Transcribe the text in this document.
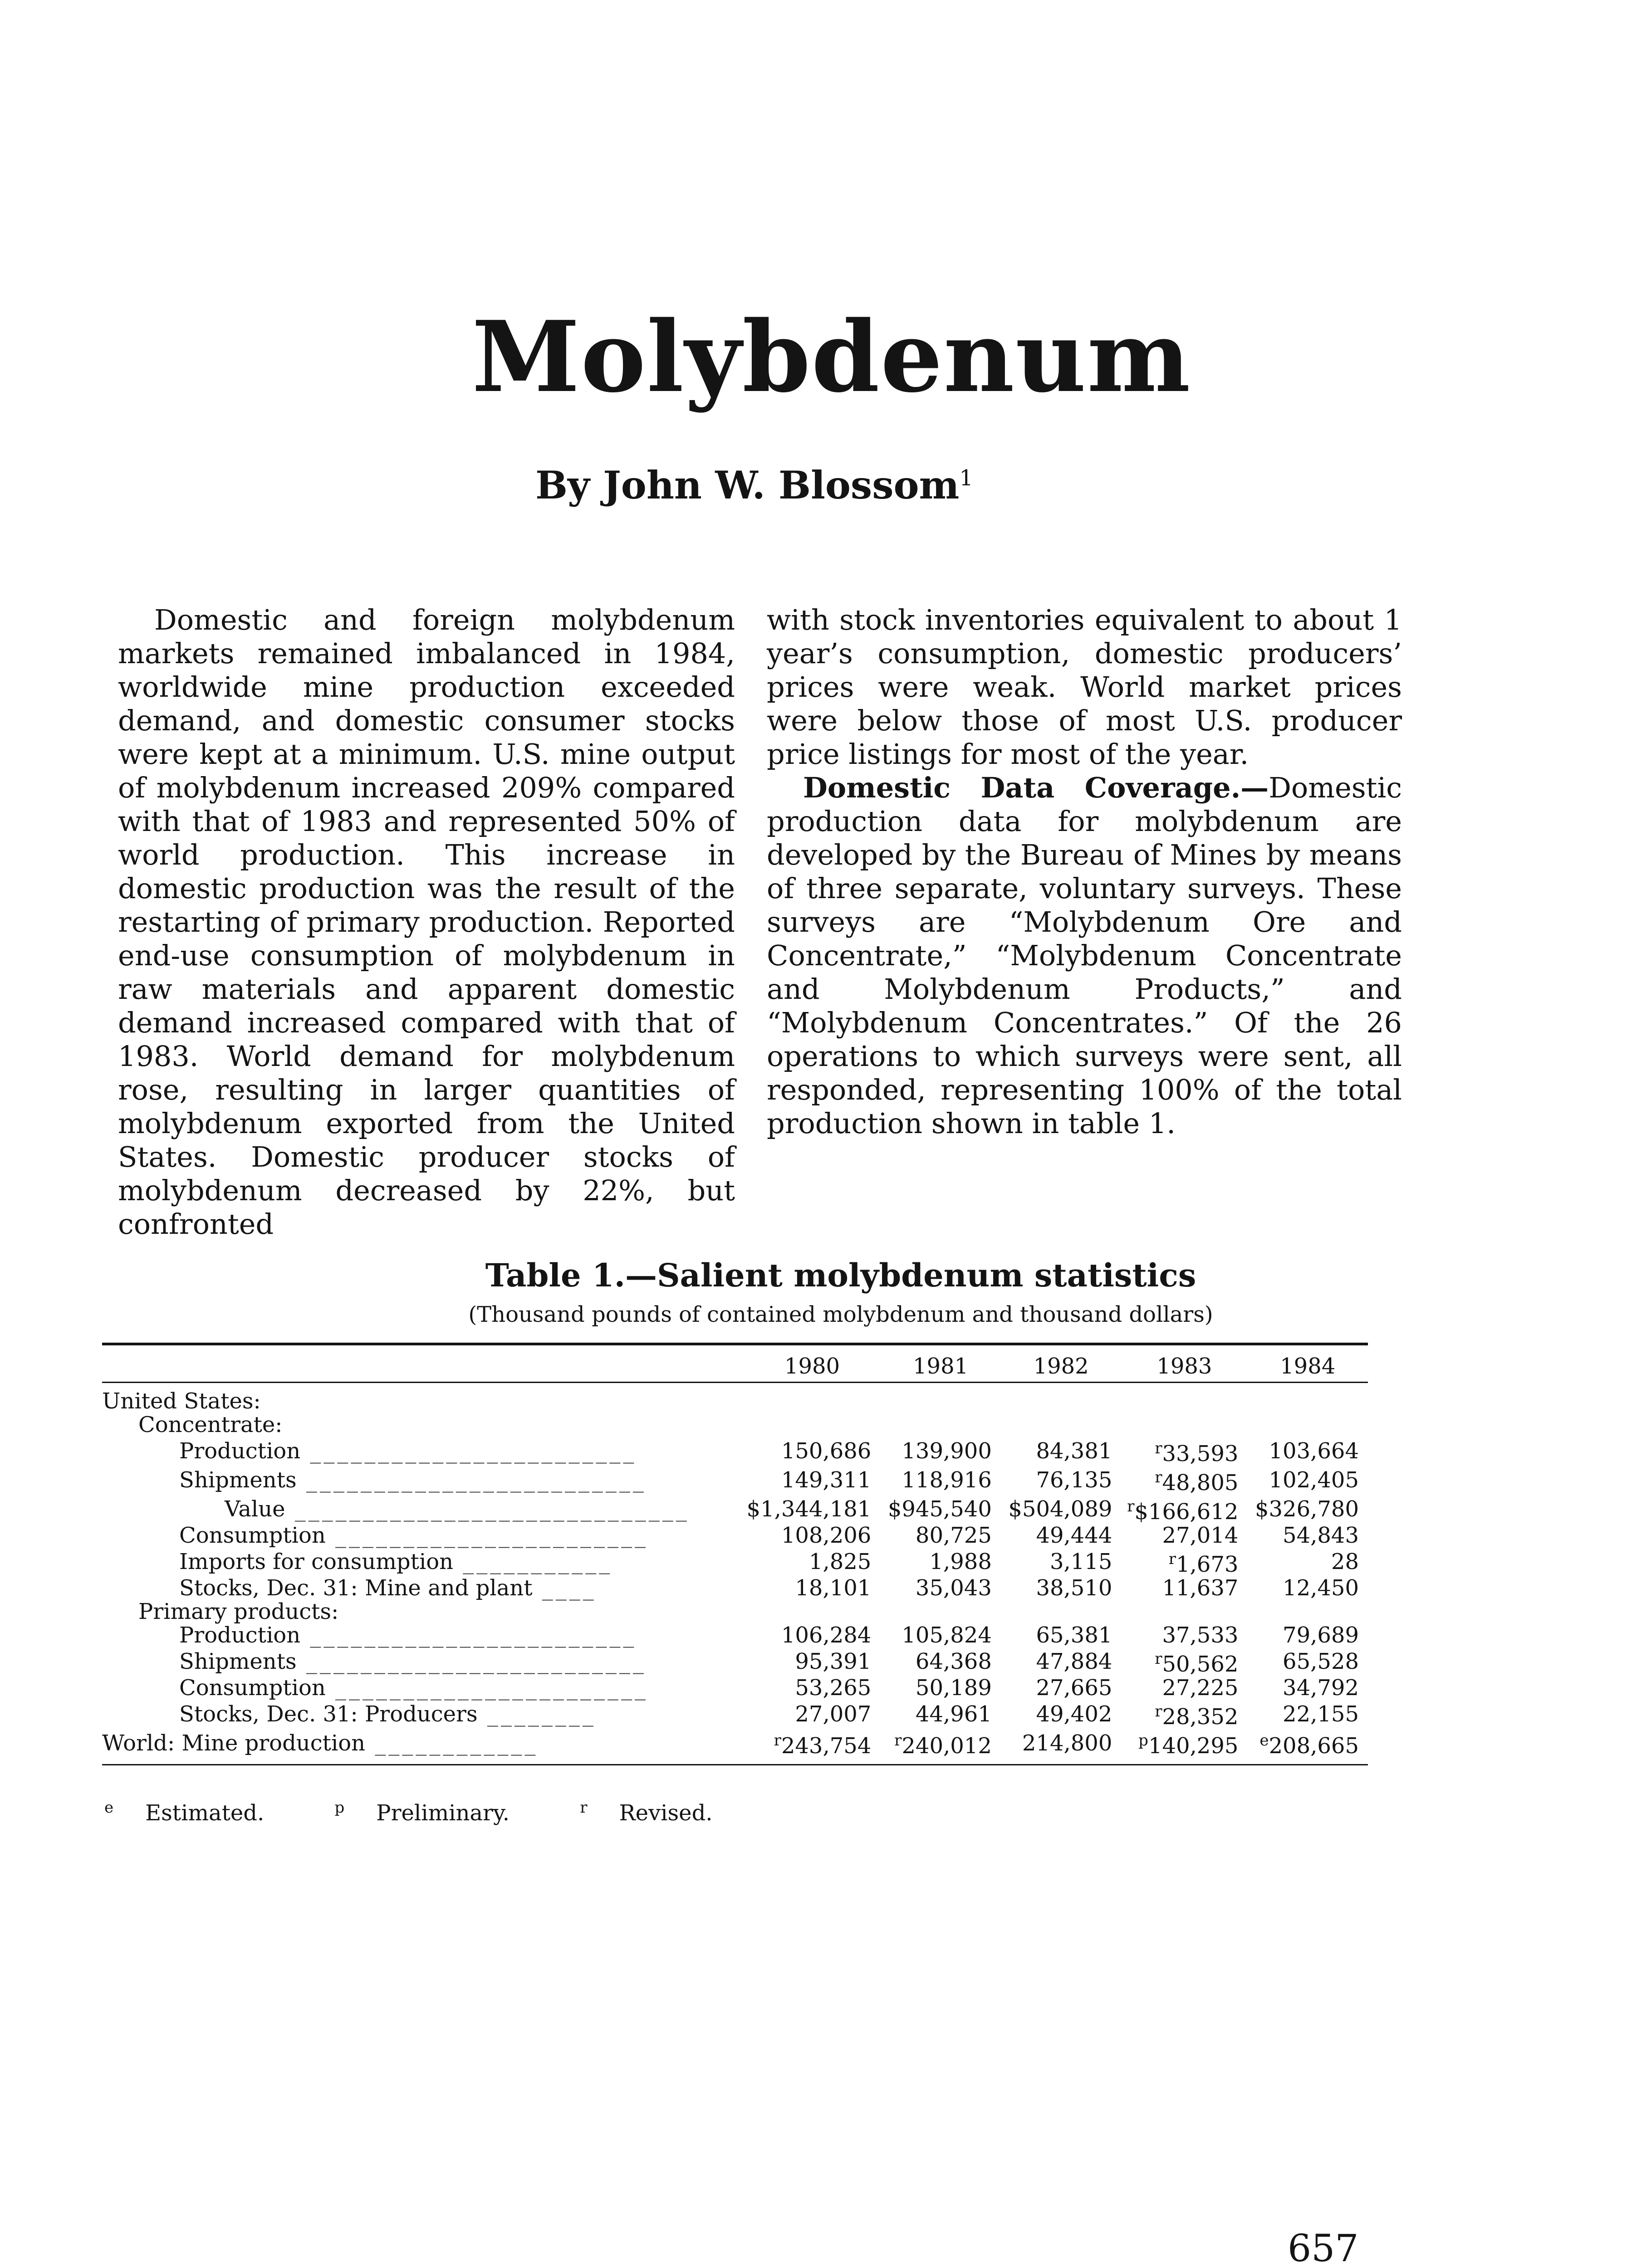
Molybdenum
By John W. Blossom$^1$

Domestic and foreign molybdenum markets remained imbalanced in 1984, worldwide mine production exceeded demand, and domestic consumer stocks were kept at a minimum. U.S. mine output of molybdenum increased 209% compared with that of 1983 and represented 50% of world production. This increase in domestic production was the result of the restarting of primary production. Reported end-use consumption of molybdenum in raw materials and apparent domestic demand increased compared with that of 1983. World demand for molybdenum rose, resulting in larger quantities of molybdenum exported from the United States. Domestic producer stocks of molybdenum decreased by 22%, but confronted

with stock inventories equivalent to about 1 year’s consumption, domestic producers’ prices were weak. World market prices were below those of most U.S. producer price listings for most of the year.

Domestic Data Coverage.—Domestic production data for molybdenum are developed by the Bureau of Mines by means of three separate, voluntary surveys. These surveys are “Molybdenum Ore and Concentrate,” “Molybdenum Concentrate and Molybdenum Products,” and “Molybdenum Concentrates.” Of the 26 operations to which surveys were sent, all responded, representing 100% of the total production shown in table 1.

Table 1.—Salient molybdenum statistics
(Thousand pounds of contained molybdenum and thousand dollars)
	1980	1981	1982	1983	1984
United States:					
Concentrate:					
Production ________________________	150,686	139,900	84,381	$^r$33,593	103,664
Shipments _________________________	149,311	118,916	76,135	$^r$48,805	102,405
Value _____________________________	$1,344,181	$945,540	$504,089	$^r$\$166,612	$326,780
Consumption _______________________	108,206	80,725	49,444	27,014	54,843
Imports for consumption ___________	1,825	1,988	3,115	$^r$1,673	28
Stocks, Dec. 31: Mine and plant ____	18,101	35,043	38,510	11,637	12,450
Primary products:					
Production ________________________	106,284	105,824	65,381	37,533	79,689
Shipments _________________________	95,391	64,368	47,884	$^r$50,562	65,528
Consumption _______________________	53,265	50,189	27,665	27,225	34,792
Stocks, Dec. 31: Producers ________	27,007	44,961	49,402	$^r$28,352	22,155
World: Mine production ____________	$^r$243,754	$^r$240,012	214,800	$^p$140,295	$^e$208,665
$^e$ Estimated.	$^p$ Preliminary.	$^r$ Revised.
657
